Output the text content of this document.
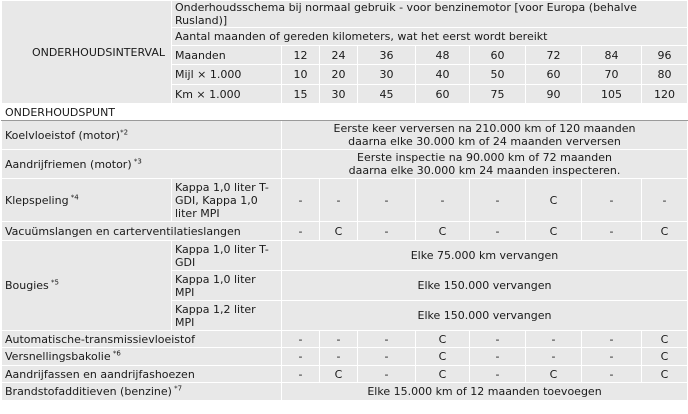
ONDERHOUDSINTERVAL	Onderhoudsschema bij normaal gebruik - voor benzinemotor [voor Europa (behalve Rusland)]								
	Aantal maanden of gereden kilometers, wat het eerst wordt bereikt								
	Maanden	12	24	36	48	60	72	84	96
	Mijl × 1.000	10	20	30	40	50	60	70	80
	Km × 1.000	15	30	45	60	75	90	105	120
ONDERHOUDSPUNT									
Koelvloeistof (motor)$^{*2}$		Eerste keer verversen na 210.000 km of 120 maanden
daarna elke 30.000 km of 24 maanden verversen							

Aandrijfriemen (motor) $^{*3}$		Eerste inspectie na 90.000 km of 72 maanden
daarna elke 30.000 km 24 maanden inspecteren.							

Klepspeling $^{*4}$	Kappa 1,0 liter T-GDI, Kappa 1,0 liter MPI	-	-	-	-	-	C	-	-
Vacuümslangen en carterventilatieslangen		-	C	-	C	-	C	-	C
Bougies $^{*5}$	Kappa 1,0 liter T-GDI	Elke 75.000 km vervangen							
	Kappa 1,0 liter MPI	Elke 150.000 vervangen							
	Kappa 1,2 liter MPI	Elke 150.000 vervangen							
Automatische-transmissievloeistof		-	-	-	C	-	-	-	C
Versnellingsbakolie $^{*6}$		-	-	-	C	-	-	-	C
Aandrijfassen en aandrijfashoezen		-	C	-	C	-	C	-	C
Brandstofadditieven (benzine) $^{*7}$		Elke 15.000 km of 12 maanden toevoegen							
